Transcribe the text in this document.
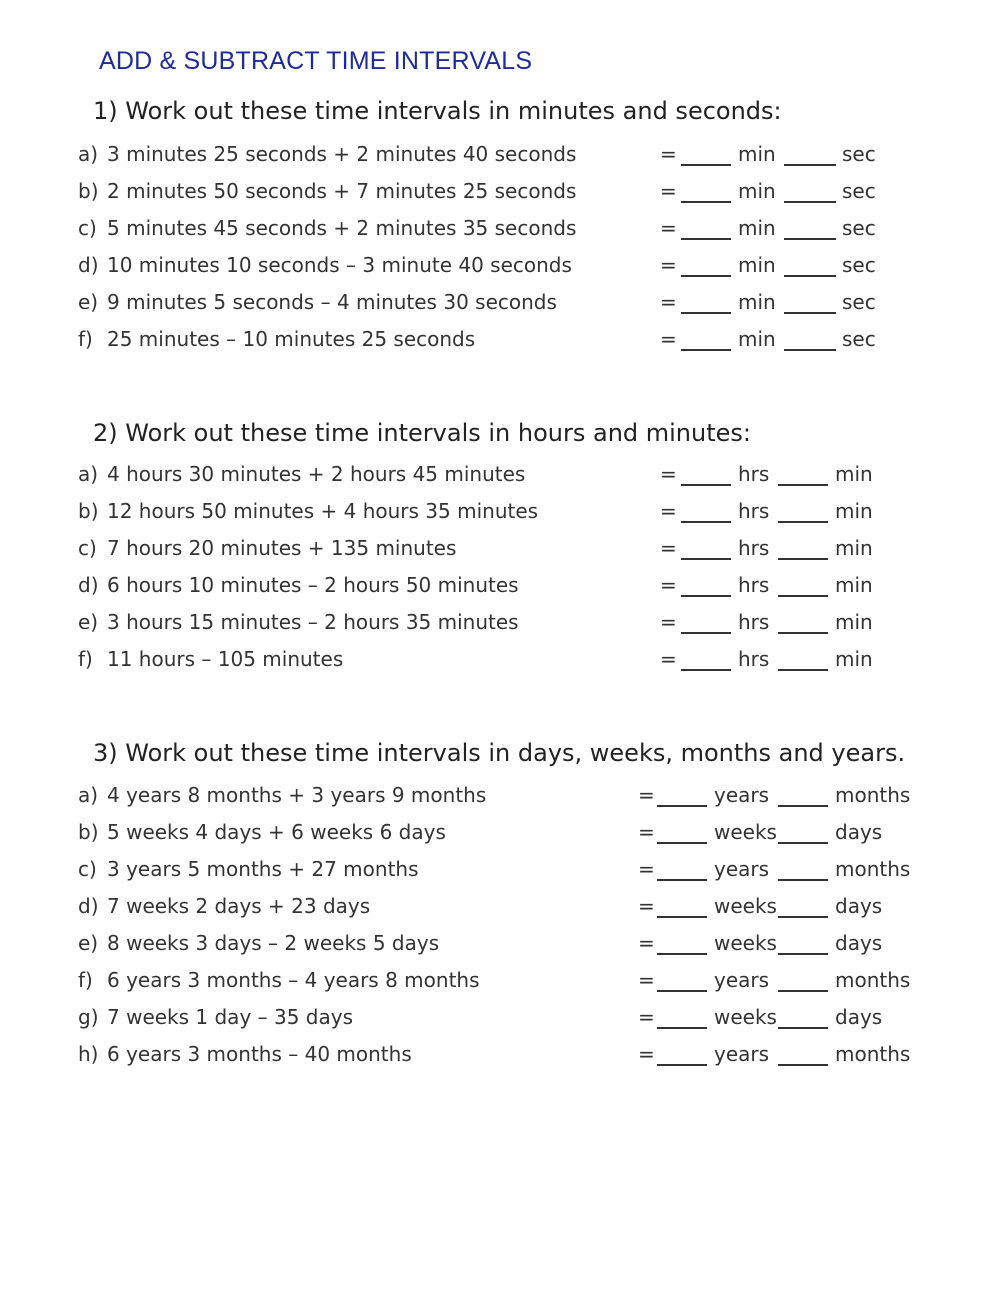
ADD & SUBTRACT TIME INTERVALS
1) Work out these time intervals in minutes and seconds:
a) 3 minutes 25 seconds + 2 minutes 40 seconds	=	min	sec
b) 2 minutes 50 seconds + 7 minutes 25 seconds	=	min	sec
c) 5 minutes 45 seconds + 2 minutes 35 seconds	=	min	sec
d) 10 minutes 10 seconds – 3 minute 40 seconds	=	min	sec
e) 9 minutes 5 seconds – 4 minutes 30 seconds	=	min	sec
f) 25 minutes – 10 minutes 25 seconds	=	min	sec
2) Work out these time intervals in hours and minutes:
a) 4 hours 30 minutes + 2 hours 45 minutes	=	hrs	min
b) 12 hours 50 minutes + 4 hours 35 minutes	=	hrs	min
c) 7 hours 20 minutes + 135 minutes	=	hrs	min
d) 6 hours 10 minutes – 2 hours 50 minutes	=	hrs	min
e) 3 hours 15 minutes – 2 hours 35 minutes	=	hrs	min
f) 11 hours – 105 minutes	=	hrs	min
3) Work out these time intervals in days, weeks, months and years.
a) 4 years 8 months + 3 years 9 months	=	years	months
b) 5 weeks 4 days + 6 weeks 6 days	=	weeks	days
c) 3 years 5 months + 27 months	=	years	months
d) 7 weeks 2 days + 23 days	=	weeks	days
e) 8 weeks 3 days – 2 weeks 5 days	=	weeks	days
f) 6 years 3 months – 4 years 8 months	=	years	months
g) 7 weeks 1 day – 35 days	=	weeks	days
h) 6 years 3 months – 40 months	=	years	months
